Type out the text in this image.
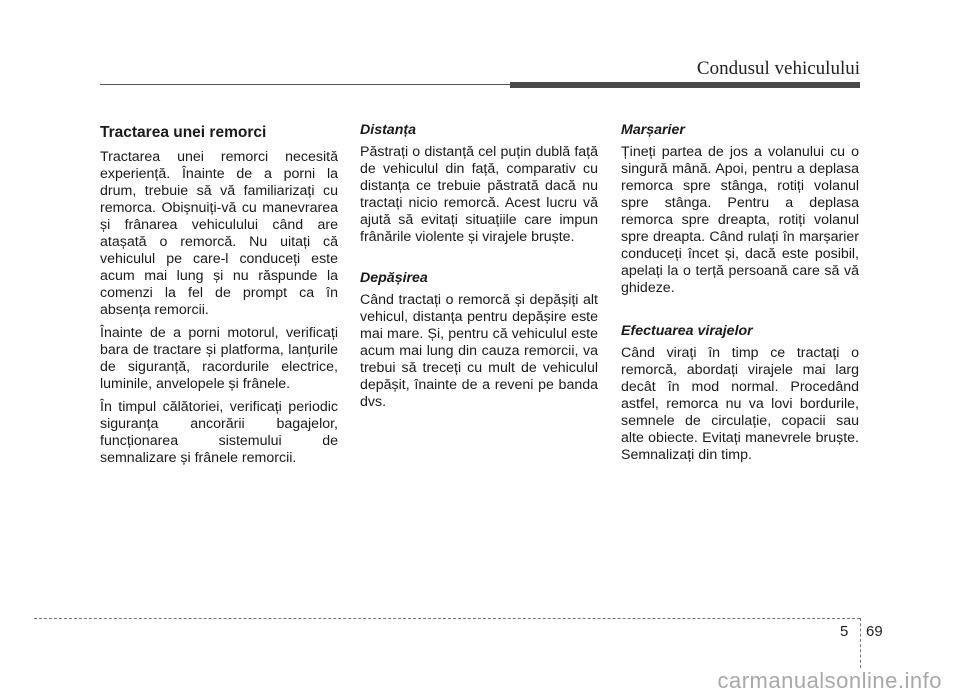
Condusul vehiculului
Tractarea unei remorci

Tractarea unei remorci necesită experiență. Înainte de a porni la drum, trebuie să vă familiarizați cu remorca. Obișnuiți-vă cu manevrarea și frânarea vehiculului când are atașată o remorcă. Nu uitați că vehiculul pe care-l conduceți este acum mai lung și nu răspunde la comenzi la fel de prompt ca în absența remorcii.

Înainte de a porni motorul, verificați bara de tractare și platforma, lanțurile de siguranță, racordurile electrice, luminile, anvelopele și frânele.

În timpul călătoriei, verificați periodic siguranța ancorării bagajelor, funcționarea sistemului de semnalizare și frânele remorcii.

Distanța

Păstrați o distanță cel puțin dublă față de vehiculul din față, comparativ cu distanța ce trebuie păstrată dacă nu tractați nicio remorcă. Acest lucru vă ajută să evitați situațiile care impun frânările violente și virajele bruște.

Depășirea

Când tractați o remorcă și depășiți alt vehicul, distanța pentru depășire este mai mare. Și, pentru că vehiculul este acum mai lung din cauza remorcii, va trebui să treceți cu mult de vehiculul depășit, înainte de a reveni pe banda dvs.

Marșarier

Țineți partea de jos a volanului cu o singură mână. Apoi, pentru a deplasa remorca spre stânga, rotiți volanul spre stânga. Pentru a deplasa remorca spre dreapta, rotiți volanul spre dreapta. Când rulați în marșarier conduceți încet și, dacă este posibil, apelați la o terță persoană care să vă ghideze.

Efectuarea virajelor

Când virați în timp ce tractați o remorcă, abordați virajele mai larg decât în mod normal. Procedând astfel, remorca nu va lovi bordurile, semnele de circulație, copacii sau alte obiecte. Evitați manevrele bruște. Semnalizați din timp.

5 69
carmanualsonline.info
